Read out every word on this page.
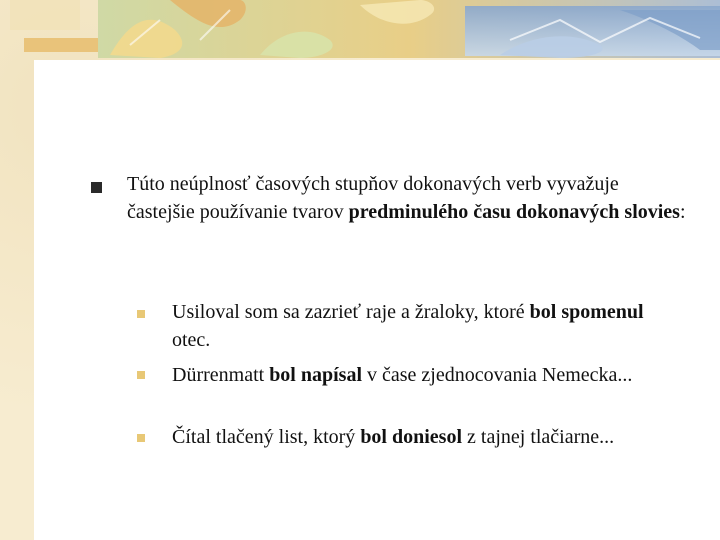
Túto neúplnosť časových stupňov dokonavých verb vyvažuje častejšie používanie tvarov predminulého času dokonavých slovies:
Usiloval som sa zazrieť raje a žraloky, ktoré bol spomenul otec.
Dürrenmatt bol napísal v čase zjednocovania Nemecka...
Čítal tlačený list, ktorý bol doniesol z tajnej tlačiarne...
